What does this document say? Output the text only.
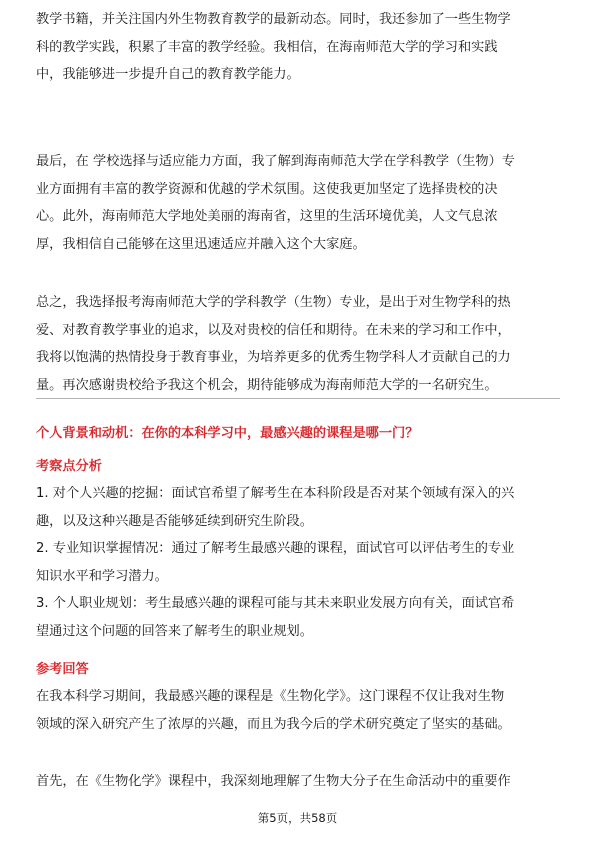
教学书籍，并关注国内外生物教育教学的最新动态。同时，我还参加了一些生物学

科的教学实践，积累了丰富的教学经验。我相信，在海南师范大学的学习和实践

中，我能够进一步提升自己的教育教学能力。

最后，在 学校选择与适应能力方面，我了解到海南师范大学在学科教学（生物）专

业方面拥有丰富的教学资源和优越的学术氛围。这使我更加坚定了选择贵校的决

心。此外，海南师范大学地处美丽的海南省，这里的生活环境优美，人文气息浓

厚，我相信自己能够在这里迅速适应并融入这个大家庭。

总之，我选择报考海南师范大学的学科教学（生物）专业，是出于对生物学科的热

爱、对教育教学事业的追求，以及对贵校的信任和期待。在未来的学习和工作中，

我将以饱满的热情投身于教育事业，为培养更多的优秀生物学科人才贡献自己的力

量。再次感谢贵校给予我这个机会，期待能够成为海南师范大学的一名研究生。

个人背景和动机：在你的本科学习中，最感兴趣的课程是哪一门？
考察点分析

1. 对个人兴趣的挖掘：面试官希望了解考生在本科阶段是否对某个领域有深入的兴

趣，以及这种兴趣是否能够延续到研究生阶段。

2. 专业知识掌握情况：通过了解考生最感兴趣的课程，面试官可以评估考生的专业

知识水平和学习潜力。

3. 个人职业规划：考生最感兴趣的课程可能与其未来职业发展方向有关，面试官希

望通过这个问题的回答来了解考生的职业规划。

参考回答

在我本科学习期间，我最感兴趣的课程是《生物化学》。这门课程不仅让我对生物

领域的深入研究产生了浓厚的兴趣，而且为我今后的学术研究奠定了坚实的基础。

首先，在《生物化学》课程中，我深刻地理解了生物大分子在生命活动中的重要作

第5页，共58页
